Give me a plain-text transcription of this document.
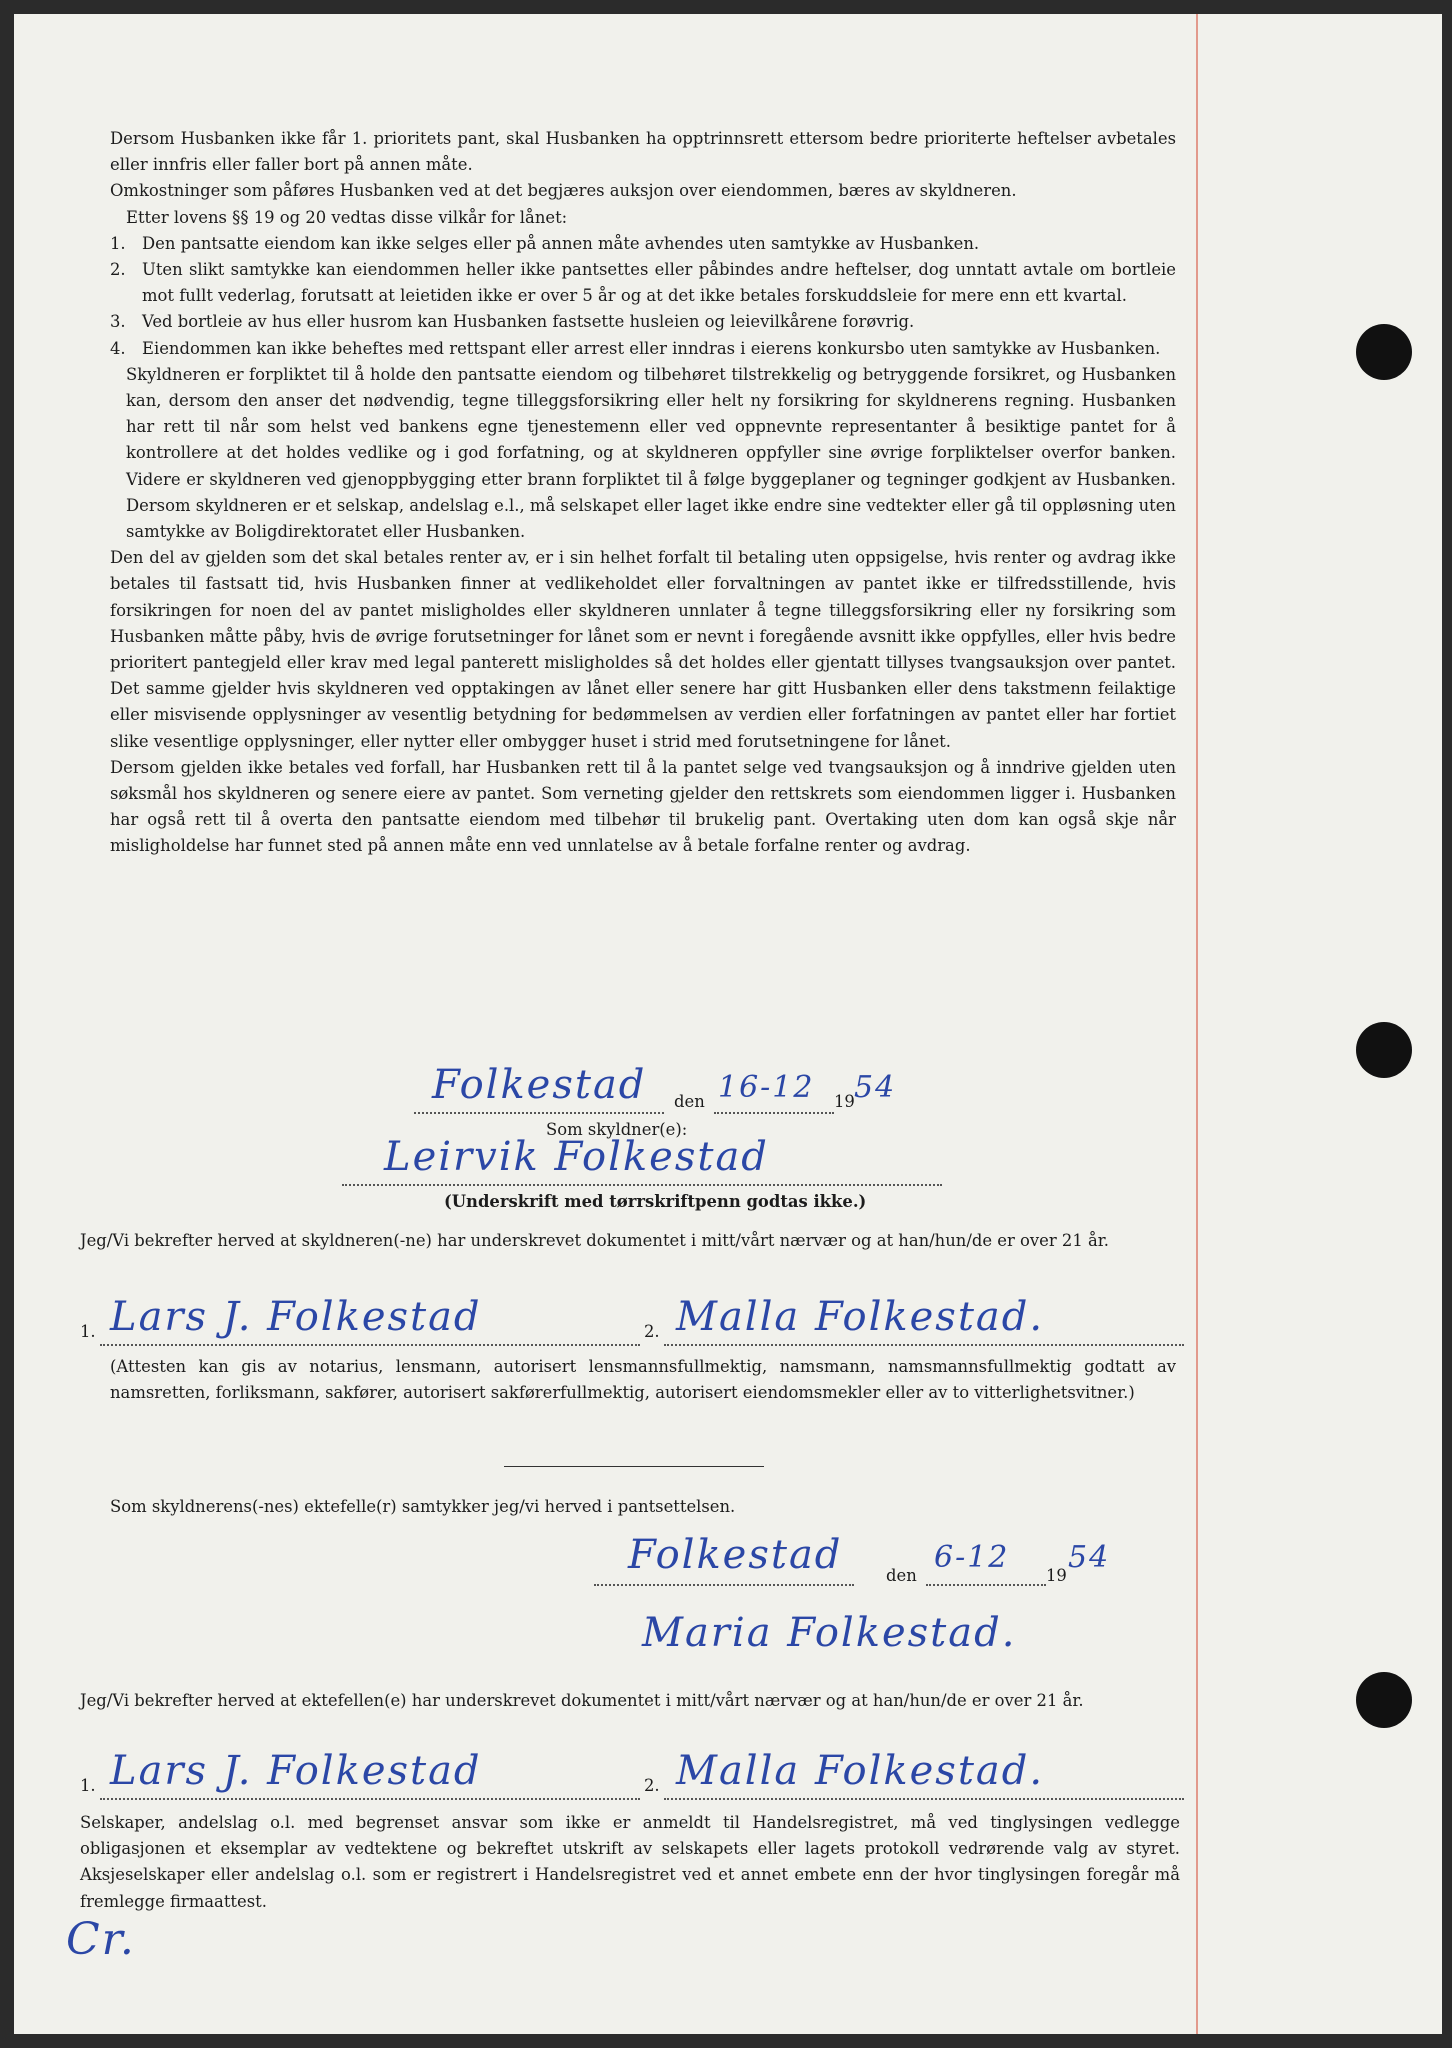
Dersom Husbanken ikke får 1. prioritets pant, skal Husbanken ha opptrinnsrett ettersom bedre prioriterte heftelser avbetales eller innfris eller faller bort på annen måte.

Omkostninger som påføres Husbanken ved at det begjæres auksjon over eiendommen, bæres av skyldneren.

Etter lovens §§ 19 og 20 vedtas disse vilkår for lånet:

1. Den pantsatte eiendom kan ikke selges eller på annen måte avhendes uten samtykke av Husbanken.
2. Uten slikt samtykke kan eiendommen heller ikke pantsettes eller påbindes andre heftelser, dog unntatt avtale om bortleie mot fullt vederlag, forutsatt at leietiden ikke er over 5 år og at det ikke betales forskuddsleie for mere enn ett kvartal.
3. Ved bortleie av hus eller husrom kan Husbanken fastsette husleien og leievilkårene forøvrig.
4. Eiendommen kan ikke beheftes med rettspant eller arrest eller inndras i eierens konkursbo uten samtykke av Husbanken.

Skyldneren er forpliktet til å holde den pantsatte eiendom og tilbehøret tilstrekkelig og betryggende forsikret, og Husbanken kan, dersom den anser det nødvendig, tegne tilleggsforsikring eller helt ny forsikring for skyldnerens regning. Husbanken har rett til når som helst ved bankens egne tjenestemenn eller ved oppnevnte representanter å besiktige pantet for å kontrollere at det holdes vedlike og i god forfatning, og at skyldneren oppfyller sine øvrige forpliktelser overfor banken. Videre er skyldneren ved gjenoppbygging etter brann forpliktet til å følge byggeplaner og tegninger godkjent av Husbanken. Dersom skyldneren er et selskap, andelslag e.l., må selskapet eller laget ikke endre sine vedtekter eller gå til oppløsning uten samtykke av Boligdirektoratet eller Husbanken.

Den del av gjelden som det skal betales renter av, er i sin helhet forfalt til betaling uten oppsigelse, hvis renter og avdrag ikke betales til fastsatt tid, hvis Husbanken finner at vedlikeholdet eller forvaltningen av pantet ikke er tilfredsstillende, hvis forsikringen for noen del av pantet misligholdes eller skyldneren unnlater å tegne tilleggsforsikring eller ny forsikring som Husbanken måtte påby, hvis de øvrige forutsetninger for lånet som er nevnt i foregående avsnitt ikke oppfylles, eller hvis bedre prioritert pantegjeld eller krav med legal panterett misligholdes så det holdes eller gjentatt tillyses tvangsauksjon over pantet. Det samme gjelder hvis skyldneren ved opptakingen av lånet eller senere har gitt Husbanken eller dens takstmenn feilaktige eller misvisende opplysninger av vesentlig betydning for bedømmelsen av verdien eller forfatningen av pantet eller har fortiet slike vesentlige opplysninger, eller nytter eller ombygger huset i strid med forutsetningene for lånet.

Dersom gjelden ikke betales ved forfall, har Husbanken rett til å la pantet selge ved tvangsauksjon og å inndrive gjelden uten søksmål hos skyldneren og senere eiere av pantet. Som verneting gjelder den rettskrets som eiendommen ligger i. Husbanken har også rett til å overta den pantsatte eiendom med tilbehør til brukelig pant. Overtaking uten dom kan også skje når misligholdelse har funnet sted på annen måte enn ved unnlatelse av å betale forfalne renter og avdrag.

Folkestad den 16-12 19 54
Som skyldner(e):
Leirvik Folkestad
(Underskrift med tørrskriftpenn godtas ikke.)
Jeg/Vi bekrefter herved at skyldneren(-ne) har underskrevet dokumentet i mitt/vårt nærvær og at han/hun/de er over 21 år.
1. Lars J. Folkestad	2. Malla Folkestad.
(Attesten kan gis av notarius, lensmann, autorisert lensmannsfullmektig, namsmann, namsmannsfullmektig godtatt av namsretten, forliksmann, sakfører, autorisert sakførerfullmektig, autorisert eiendomsmekler eller av to vitterlighetsvitner.)
Som skyldnerens(-nes) ektefelle(r) samtykker jeg/vi herved i pantsettelsen.
Folkestad	den
6-12
19
54
Maria Folkestad.
Jeg/Vi bekrefter herved at ektefellen(e) har underskrevet dokumentet i mitt/vårt nærvær og at han/hun/de er over 21 år.
1. Lars J. Folkestad	2. Malla Folkestad.
Selskaper, andelslag o.l. med begrenset ansvar som ikke er anmeldt til Handelsregistret, må ved tinglysingen vedlegge obligasjonen et eksemplar av vedtektene og bekreftet utskrift av selskapets eller lagets protokoll vedrørende valg av styret. Aksjeselskaper eller andelslag o.l. som er registrert i Handelsregistret ved et annet embete enn der hvor tinglysingen foregår må fremlegge firmaattest.
Cr.
